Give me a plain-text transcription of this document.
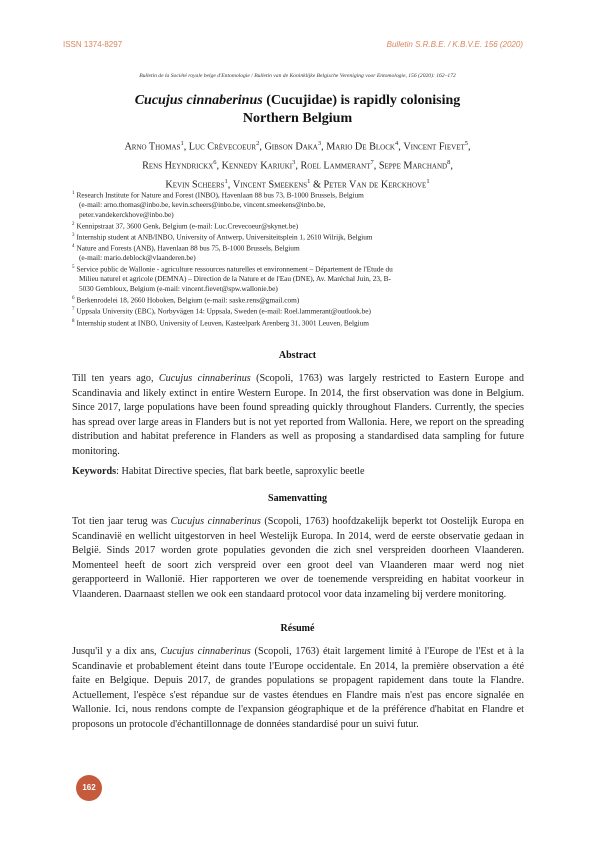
ISSN 1374-8297	Bulletin S.R.B.E. / K.B.V.E. 156 (2020)
Bulletin de la Société royale belge d'Entomologie / Bulletin van de Koninklijke Belgische Vereniging voor Entomologie, 156 (2020): 162–172
Cucujus cinnaberinus (Cucujidae) is rapidly colonising
Northern Belgium
Arno Thomas$^1$, Luc Crèvecoeur$^2$, Gibson Daka$^3$, Mario De Block$^4$, Vincent Fievet$^5$,
Rens Heyndrickx$^6$, Kennedy Kariuki$^3$, Roel Lammerant$^7$, Seppe Marchand$^8$,
Kevin Scheers$^1$, Vincent Smeekens$^1$ & Peter Van de Kerckhove$^1$
$^1$ Research Institute for Nature and Forest (INBO), Havenlaan 88 bus 73, B-1000 Brussels, Belgium
(e-mail: arno.thomas@inbo.be, kevin.scheers@inbo.be, vincent.smeekens@inbo.be,
peter.vandekerckhove@inbo.be)
$^2$ Kennipstraat 37, 3600 Genk, Belgium (e-mail: Luc.Crevecoeur@skynet.be)
$^3$ Internship student at ANB/INBO, University of Antwerp, Universiteitsplein 1, 2610 Wilrijk, Belgium
$^4$ Nature and Forests (ANB), Havenlaan 88 bus 75, B-1000 Brussels, Belgium
(e-mail: mario.deblock@vlaanderen.be)
$^5$ Service public de Wallonie - agriculture ressources naturelles et environnement – Département de l'Etude du
Milieu naturel et agricole (DEMNA) – Direction de la Nature et de l'Eau (DNE), Av. Maréchal Juin, 23, B-
5030 Gembloux, Belgium (e-mail: vincent.fievet@spw.wallonie.be)
$^6$ Berkenrodelei 18, 2660 Hoboken, Belgium (e-mail: saske.rens@gmail.com)
$^7$ Uppsala University (EBC), Norbyvägen 14: Uppsala, Sweden (e-mail: Roel.lammerant@outlook.be)
$^8$ Internship student at INBO, University of Leuven, Kasteelpark Arenberg 31, 3001 Leuven, Belgium
Abstract
Till ten years ago, Cucujus cinnaberinus (Scopoli, 1763) was largely restricted to Eastern Europe and Scandinavia and likely extinct in entire Western Europe. In 2014, the first observation was done in Belgium. Since 2017, large populations have been found spreading quickly throughout Flanders. Currently, the species has spread over large areas in Flanders but is not yet reported from Wallonia. Here, we report on the spreading distribution and habitat preference in Flanders as well as proposing a standardised data sampling for future monitoring.
Keywords: Habitat Directive species, flat bark beetle, saproxylic beetle
Samenvatting
Tot tien jaar terug was Cucujus cinnaberinus (Scopoli, 1763) hoofdzakelijk beperkt tot Oostelijk Europa en Scandinavië en wellicht uitgestorven in heel Westelijk Europa. In 2014, werd de eerste observatie gedaan in België. Sinds 2017 worden grote populaties gevonden die zich snel verspreiden doorheen Vlaanderen. Momenteel heeft de soort zich verspreid over een groot deel van Vlaanderen maar werd nog niet gerapporteerd in Wallonië. Hier rapporteren we over de toenemende verspreiding en habitat voorkeur in Vlaanderen. Daarnaast stellen we ook een standaard protocol voor data inzameling bij verdere monitoring.
Résumé
Jusqu'il y a dix ans, Cucujus cinnaberinus (Scopoli, 1763) était largement limité à l'Europe de l'Est et à la Scandinavie et probablement éteint dans toute l'Europe occidentale. En 2014, la première observation a été faite en Belgique. Depuis 2017, de grandes populations se propagent rapidement dans toute la Flandre. Actuellement, l'espèce s'est répandue sur de vastes étendues en Flandre mais n'est pas encore signalée en Wallonie. Ici, nous rendons compte de l'expansion géographique et de la préférence d'habitat en Flandre et proposons un protocole d'échantillonnage de données standardisé pour un suivi futur.
162
